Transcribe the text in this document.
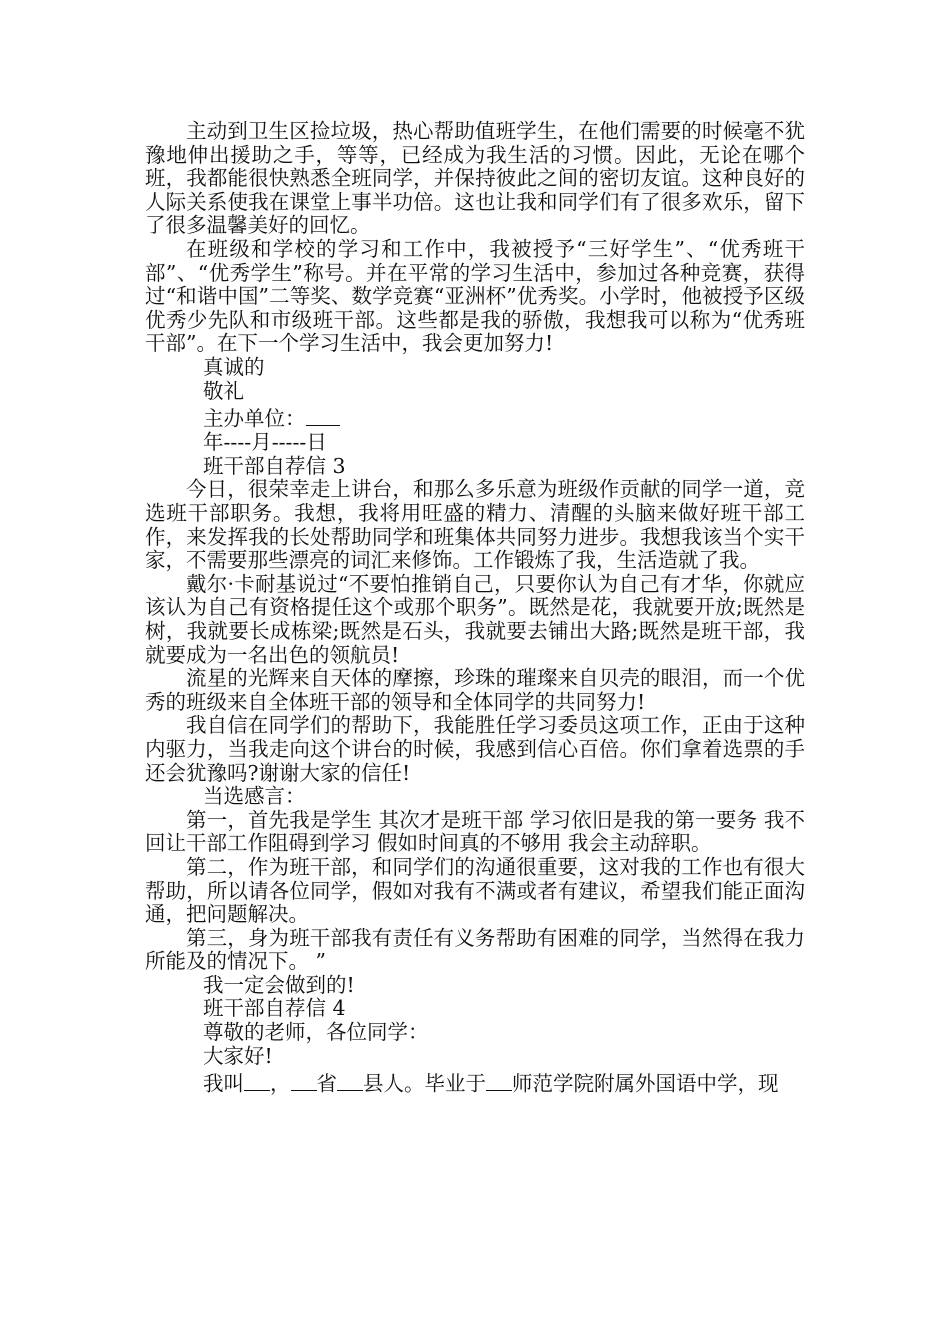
主动到卫生区捡垃圾，热心帮助值班学生，在他们需要的时候毫不犹豫地伸出援助之手，等等，已经成为我生活的习惯。因此，无论在哪个班，我都能很快熟悉全班同学，并保持彼此之间的密切友谊。这种良好的人际关系使我在课堂上事半功倍。这也让我和同学们有了很多欢乐，留下了很多温馨美好的回忆。

在班级和学校的学习和工作中，我被授予“三好学生”、“优秀班干部”、“优秀学生”称号。并在平常的学习生活中，参加过各种竞赛，获得过“和谐中国”二等奖、数学竞赛“亚洲杯”优秀奖。小学时，他被授予区级优秀少先队和市级班干部。这些都是我的骄傲，我想我可以称为“优秀班干部”。在下一个学习生活中，我会更加努力!

真诚的

敬礼

主办单位：

年----月-----日

班干部自荐信 3

今日，很荣幸走上讲台，和那么多乐意为班级作贡献的同学一道，竞选班干部职务。我想，我将用旺盛的精力、清醒的头脑来做好班干部工作，来发挥我的长处帮助同学和班集体共同努力进步。我想我该当个实干家，不需要那些漂亮的词汇来修饰。工作锻炼了我，生活造就了我。

戴尔·卡耐基说过“不要怕推销自己，只要你认为自己有才华，你就应该认为自己有资格提任这个或那个职务”。既然是花，我就要开放;既然是树，我就要长成栋梁;既然是石头，我就要去铺出大路;既然是班干部，我就要成为一名出色的领航员!

流星的光辉来自天体的摩擦，珍珠的璀璨来自贝壳的眼泪，而一个优秀的班级来自全体班干部的领导和全体同学的共同努力!

我自信在同学们的帮助下，我能胜任学习委员这项工作，正由于这种内驱力，当我走向这个讲台的时候，我感到信心百倍。你们拿着选票的手还会犹豫吗?谢谢大家的信任!

当选感言：

第一，首先我是学生 其次才是班干部 学习依旧是我的第一要务 我不回让干部工作阻碍到学习 假如时间真的不够用 我会主动辞职。

第二，作为班干部，和同学们的沟通很重要，这对我的工作也有很大帮助，所以请各位同学，假如对我有不满或者有建议，希望我们能正面沟通，把问题解决。

第三，身为班干部我有责任有义务帮助有困难的同学，当然得在我力所能及的情况下。 ”

我一定会做到的!

班干部自荐信 4

尊敬的老师，各位同学：

大家好!

我叫 ， 省 县人。毕业于 师范学院附属外国语中学，现
